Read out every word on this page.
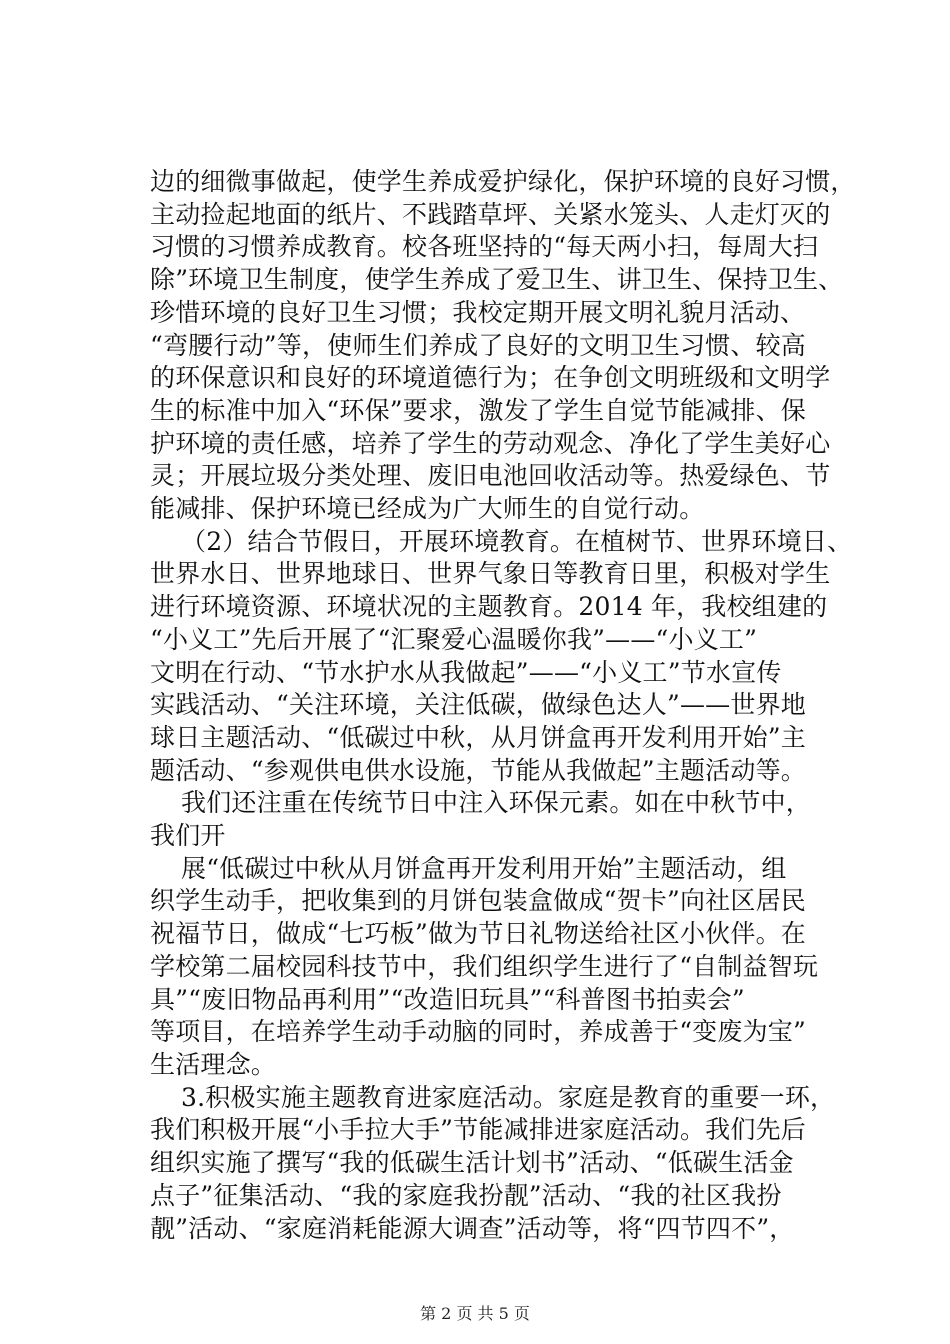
边的细微事做起，使学生养成爱护绿化，保护环境的良好习惯，
主动捡起地面的纸片、不践踏草坪、关紧水笼头、人走灯灭的
习惯的习惯养成教育。校各班坚持的“每天两小扫，每周大扫
除”环境卫生制度，使学生养成了爱卫生、讲卫生、保持卫生、
珍惜环境的良好卫生习惯；我校定期开展文明礼貌月活动、
“弯腰行动”等，使师生们养成了良好的文明卫生习惯、较高
的环保意识和良好的环境道德行为；在争创文明班级和文明学
生的标准中加入“环保”要求，激发了学生自觉节能减排、保
护环境的责任感，培养了学生的劳动观念、净化了学生美好心
灵；开展垃圾分类处理、废旧电池回收活动等。热爱绿色、节
能减排、保护环境已经成为广大师生的自觉行动。

（2）结合节假日，开展环境教育。在植树节、世界环境日、
世界水日、世界地球日、世界气象日等教育日里，积极对学生
进行环境资源、环境状况的主题教育。2014 年，我校组建的
“小义工”先后开展了“汇聚爱心温暖你我”——“小义工”
文明在行动、“节水护水从我做起”——“小义工”节水宣传
实践活动、“关注环境，关注低碳，做绿色达人”——世界地
球日主题活动、“低碳过中秋，从月饼盒再开发利用开始”主
题活动、“参观供电供水设施，节能从我做起”主题活动等。

我们还注重在传统节日中注入环保元素。如在中秋节中，
我们开

展“低碳过中秋从月饼盒再开发利用开始”主题活动，组
织学生动手，把收集到的月饼包装盒做成“贺卡”向社区居民
祝福节日，做成“七巧板”做为节日礼物送给社区小伙伴。在
学校第二届校园科技节中，我们组织学生进行了“自制益智玩
具”“废旧物品再利用”“改造旧玩具”“科普图书拍卖会”
等项目，在培养学生动手动脑的同时，养成善于“变废为宝”
生活理念。

3.积极实施主题教育进家庭活动。家庭是教育的重要一环，
我们积极开展“小手拉大手”节能减排进家庭活动。我们先后
组织实施了撰写“我的低碳生活计划书”活动、“低碳生活金
点子”征集活动、“我的家庭我扮靓”活动、“我的社区我扮
靓”活动、“家庭消耗能源大调查”活动等，将“四节四不”，

第 2 页 共 5 页
